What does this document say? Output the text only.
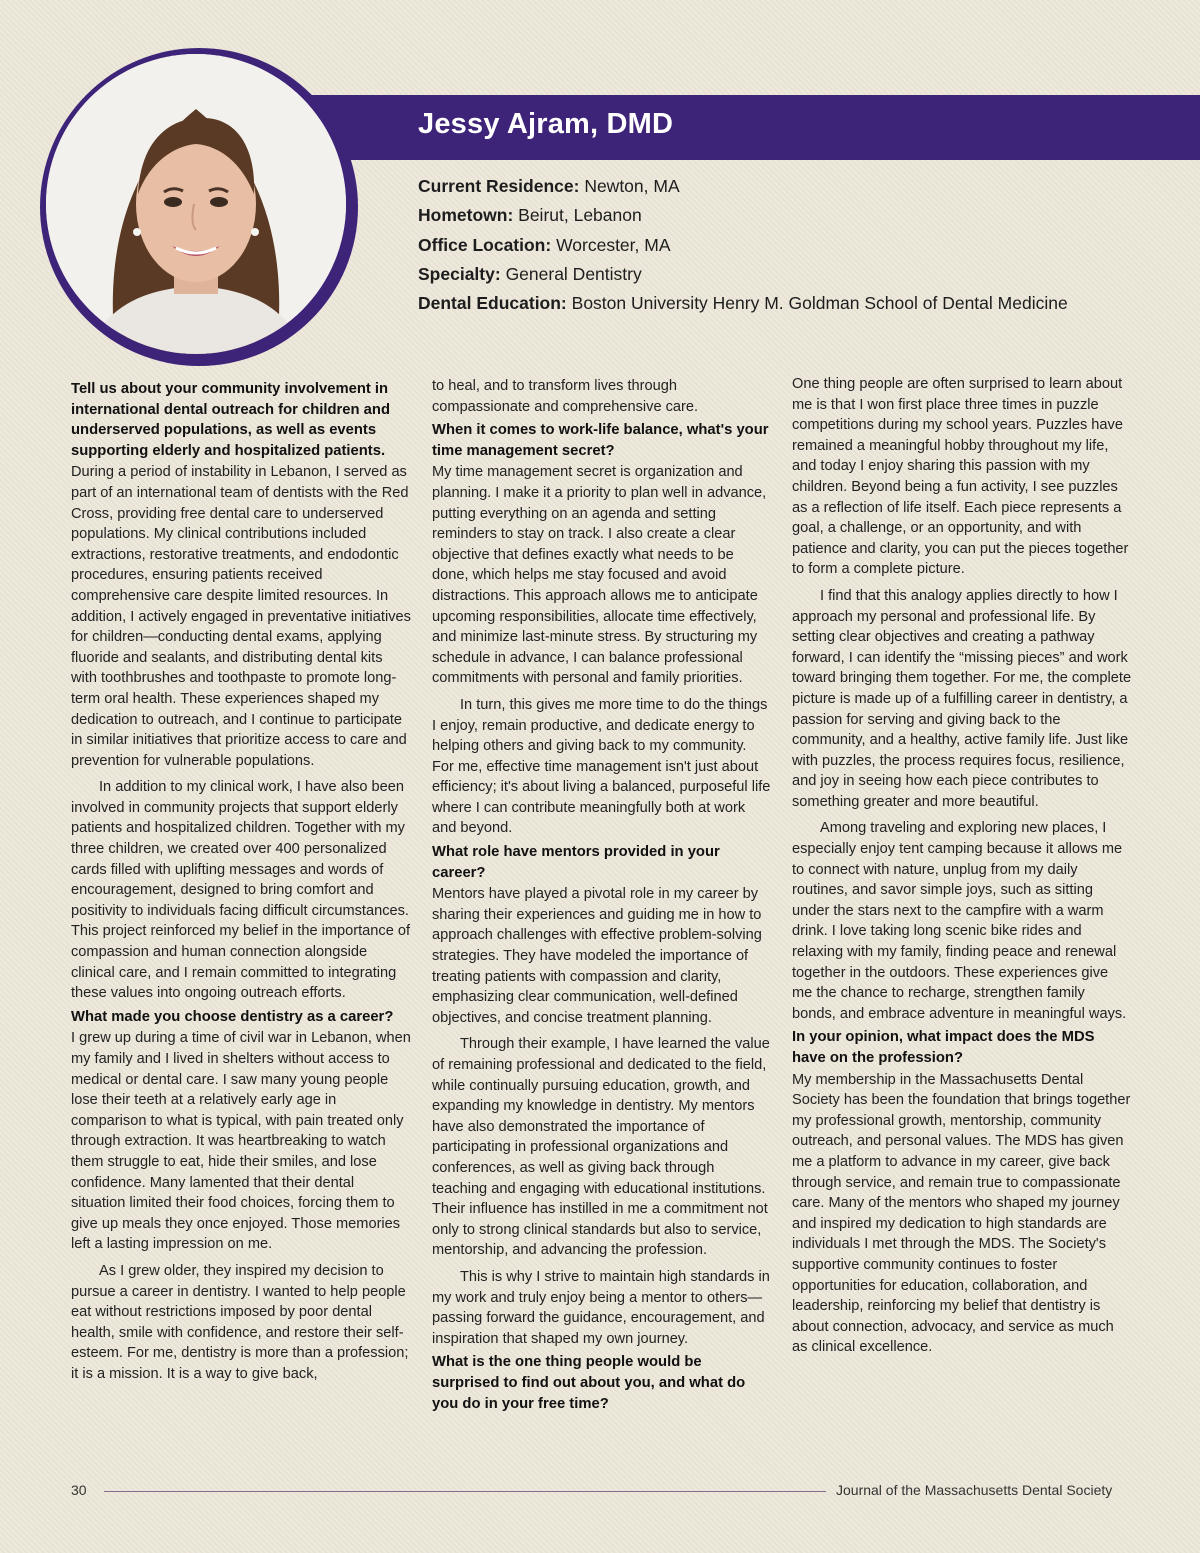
Jessy Ajram, DMD
Current Residence: Newton, MA
Hometown: Beirut, Lebanon
Office Location: Worcester, MA
Specialty: General Dentistry
Dental Education: Boston University Henry M. Goldman School of Dental Medicine
Tell us about your community involvement in international dental outreach for children and underserved populations, as well as events supporting elderly and hospitalized patients.

During a period of instability in Lebanon, I served as part of an international team of dentists with the Red Cross, providing free dental care to underserved populations. My clinical contributions included extractions, restorative treatments, and endodontic procedures, ensuring patients received comprehensive care despite limited resources. In addition, I actively engaged in preventative initiatives for children—conducting dental exams, applying fluoride and sealants, and distributing dental kits with toothbrushes and toothpaste to promote long-term oral health. These experiences shaped my dedication to outreach, and I continue to participate in similar initiatives that prioritize access to care and prevention for vulnerable populations.

In addition to my clinical work, I have also been involved in community projects that support elderly patients and hospitalized children. Together with my three children, we created over 400 personalized cards filled with uplifting messages and words of encouragement, designed to bring comfort and positivity to individuals facing difficult circumstances. This project reinforced my belief in the importance of compassion and human connection alongside clinical care, and I remain committed to integrating these values into ongoing outreach efforts.

What made you choose dentistry as a career?

I grew up during a time of civil war in Lebanon, when my family and I lived in shelters without access to medical or dental care. I saw many young people lose their teeth at a relatively early age in comparison to what is typical, with pain treated only through extraction. It was heartbreaking to watch them struggle to eat, hide their smiles, and lose confidence. Many lamented that their dental situation limited their food choices, forcing them to give up meals they once enjoyed. Those memories left a lasting impression on me.

As I grew older, they inspired my decision to pursue a career in dentistry. I wanted to help people eat without restrictions imposed by poor dental health, smile with confidence, and restore their self-esteem. For me, dentistry is more than a profession; it is a mission. It is a way to give back,

to heal, and to transform lives through compassionate and comprehensive care.

When it comes to work-life balance, what's your time management secret?

My time management secret is organization and planning. I make it a priority to plan well in advance, putting everything on an agenda and setting reminders to stay on track. I also create a clear objective that defines exactly what needs to be done, which helps me stay focused and avoid distractions. This approach allows me to anticipate upcoming responsibilities, allocate time effectively, and minimize last-minute stress. By structuring my schedule in advance, I can balance professional commitments with personal and family priorities.

In turn, this gives me more time to do the things I enjoy, remain productive, and dedicate energy to helping others and giving back to my community. For me, effective time management isn't just about efficiency; it's about living a balanced, purposeful life where I can contribute meaningfully both at work and beyond.

What role have mentors provided in your career?

Mentors have played a pivotal role in my career by sharing their experiences and guiding me in how to approach challenges with effective problem-solving strategies. They have modeled the importance of treating patients with compassion and clarity, emphasizing clear communication, well-defined objectives, and concise treatment planning.

Through their example, I have learned the value of remaining professional and dedicated to the field, while continually pursuing education, growth, and expanding my knowledge in dentistry. My mentors have also demonstrated the importance of participating in professional organizations and conferences, as well as giving back through teaching and engaging with educational institutions. Their influence has instilled in me a commitment not only to strong clinical standards but also to service, mentorship, and advancing the profession.

This is why I strive to maintain high standards in my work and truly enjoy being a mentor to others—passing forward the guidance, encouragement, and inspiration that shaped my own journey.

What is the one thing people would be surprised to find out about you, and what do you do in your free time?

One thing people are often surprised to learn about me is that I won first place three times in puzzle competitions during my school years. Puzzles have remained a meaningful hobby throughout my life, and today I enjoy sharing this passion with my children. Beyond being a fun activity, I see puzzles as a reflection of life itself. Each piece represents a goal, a challenge, or an opportunity, and with patience and clarity, you can put the pieces together to form a complete picture.

I find that this analogy applies directly to how I approach my personal and professional life. By setting clear objectives and creating a pathway forward, I can identify the “missing pieces” and work toward bringing them together. For me, the complete picture is made up of a fulfilling career in dentistry, a passion for serving and giving back to the community, and a healthy, active family life. Just like with puzzles, the process requires focus, resilience, and joy in seeing how each piece contributes to something greater and more beautiful.

Among traveling and exploring new places, I especially enjoy tent camping because it allows me to connect with nature, unplug from my daily routines, and savor simple joys, such as sitting under the stars next to the campfire with a warm drink. I love taking long scenic bike rides and relaxing with my family, finding peace and renewal together in the outdoors. These experiences give me the chance to recharge, strengthen family bonds, and embrace adventure in meaningful ways.

In your opinion, what impact does the MDS have on the profession?

My membership in the Massachusetts Dental Society has been the foundation that brings together my professional growth, mentorship, community outreach, and personal values. The MDS has given me a platform to advance in my career, give back through service, and remain true to compassionate care. Many of the mentors who shaped my journey and inspired my dedication to high standards are individuals I met through the MDS. The Society's supportive community continues to foster opportunities for education, collaboration, and leadership, reinforcing my belief that dentistry is about connection, advocacy, and service as much as clinical excellence.

30	Journal of the Massachusetts Dental Society
